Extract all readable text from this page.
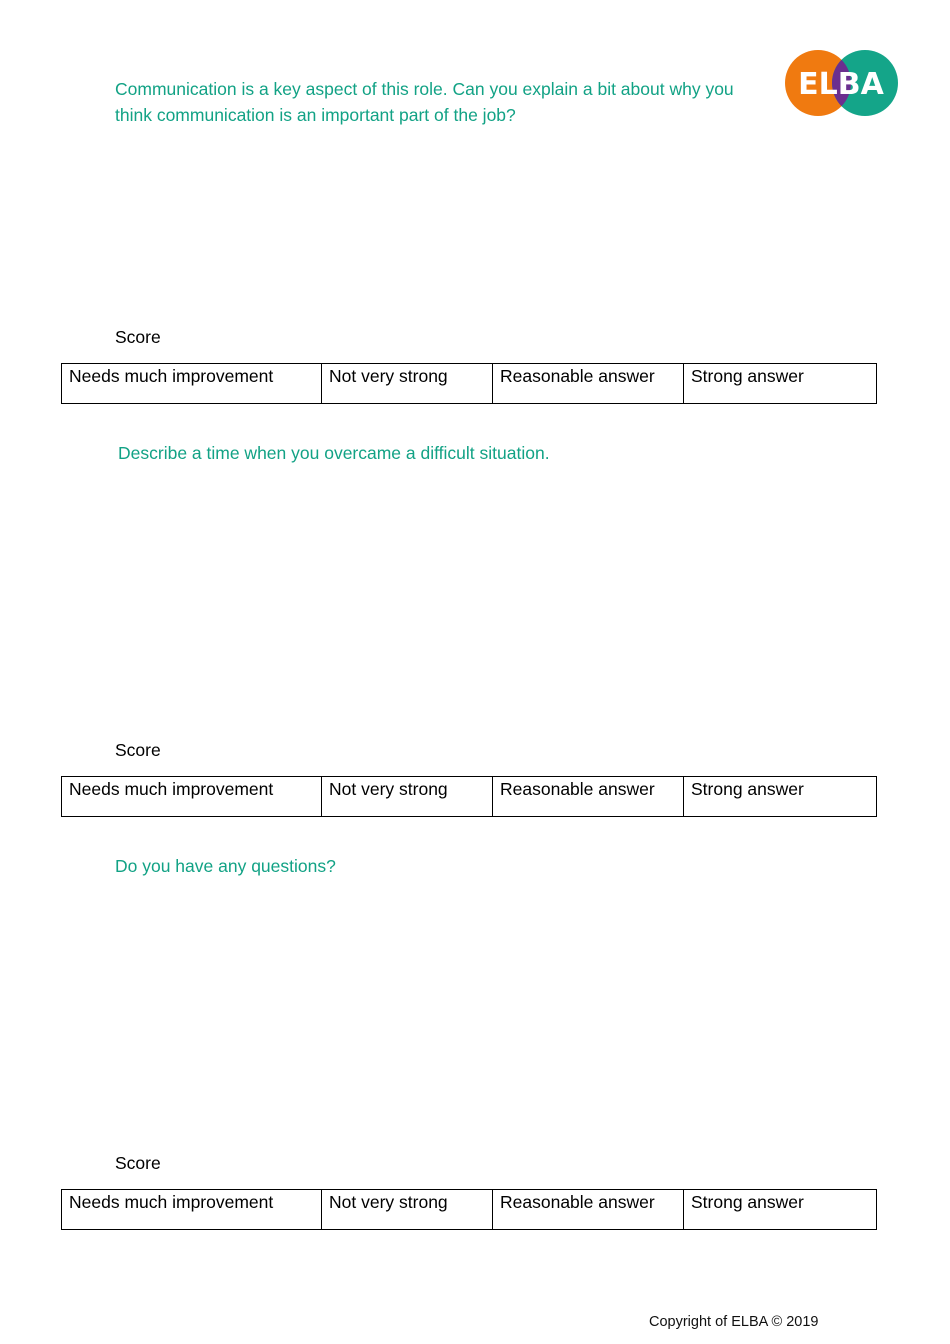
ELBA

Communication is a key aspect of this role. Can you explain a bit about why you think communication is an important part of the job?

Score

Needs much improvement	Not very strong	Reasonable answer	Strong answer

Describe a time when you overcame a difficult situation.

Score

Needs much improvement	Not very strong	Reasonable answer	Strong answer

Do you have any questions?

Score

Needs much improvement	Not very strong	Reasonable answer	Strong answer

Copyright of ELBA © 2019
